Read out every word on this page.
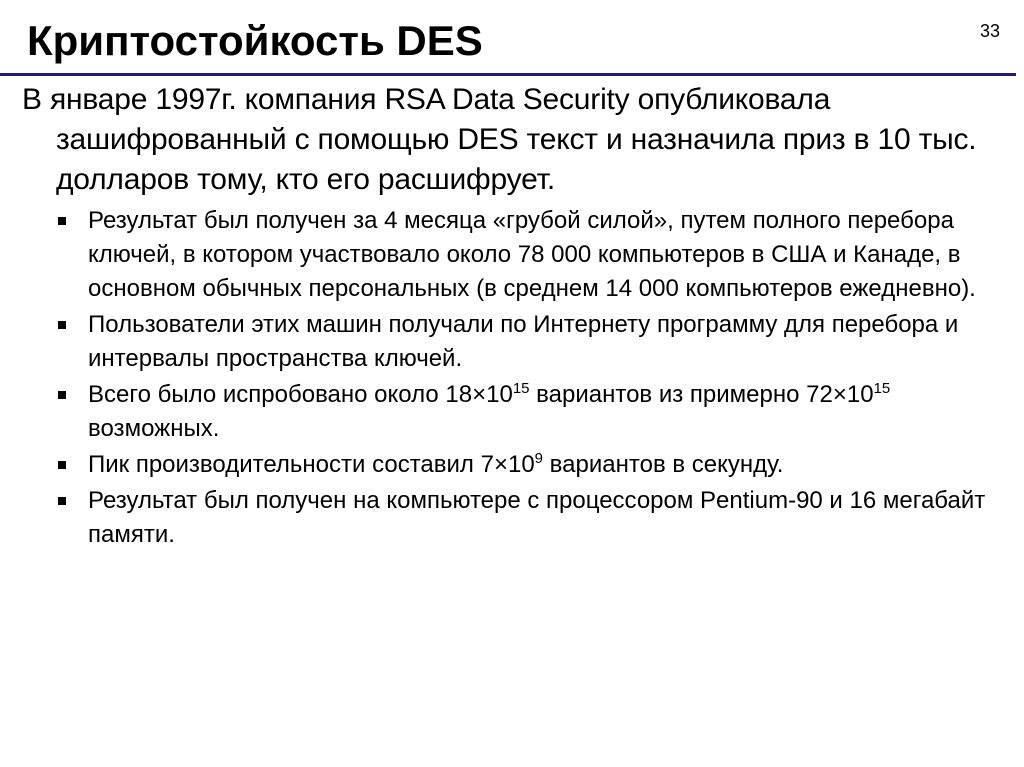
Криптостойкость DES	33

В январе 1997г. компания RSA Data Security опубликовала зашифрованный с помощью DES текст и назначила приз в 10 тыс. долларов тому, кто его расшифрует.

Результат был получен за 4 месяца «грубой силой», путем полного перебора ключей, в котором участвовало около 78 000 компьютеров в США и Канаде, в основном обычных персональных (в среднем 14 000 компьютеров ежедневно).
Пользователи этих машин получали по Интернету программу для перебора и интервалы пространства ключей.
Всего было испробовано около $18\times 10^{15}$ вариантов из примерно $72\times 10^{15}$ возможных.
Пик производительности составил $7\times 10^9$ вариантов в секунду.
Результат был получен на компьютере с процессором Pentium-90 и 16 мегабайт памяти.
